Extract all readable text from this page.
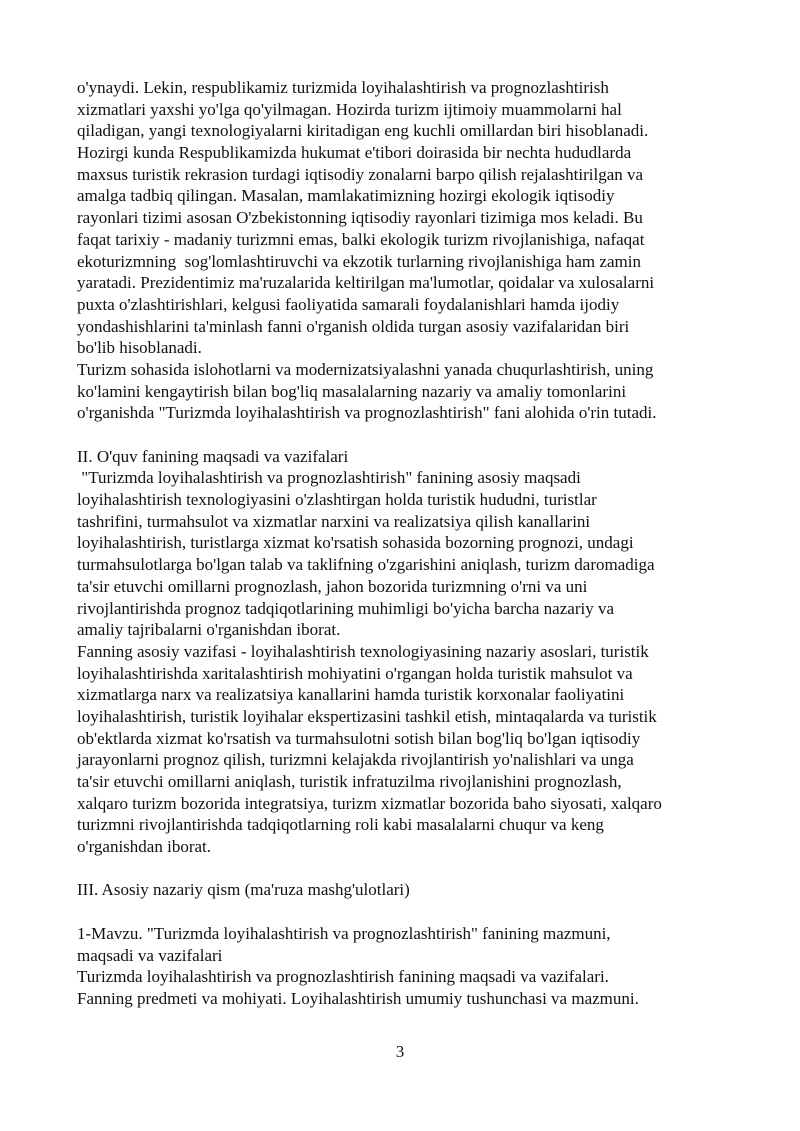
o'ynaydi. Lekin, respublikamiz turizmida loyihalashtirish va prognozlashtirish
xizmatlari yaxshi yo'lga qo'yilmagan. Hozirda turizm ijtimoiy muammolarni hal
qiladigan, yangi texnologiyalarni kiritadigan eng kuchli omillardan biri hisoblanadi.
Hozirgi kunda Respublikamizda hukumat e'tibori doirasida bir nechta hududlarda
maxsus turistik rekrasion turdagi iqtisodiy zonalarni barpo qilish rejalashtirilgan va
amalga tadbiq qilingan. Masalan, mamlakatimizning hozirgi ekologik iqtisodiy
rayonlari tizimi asosan O'zbekistonning iqtisodiy rayonlari tizimiga mos keladi. Bu
faqat tarixiy - madaniy turizmni emas, balki ekologik turizm rivojlanishiga, nafaqat
ekoturizmning  sog'lomlashtiruvchi va ekzotik turlarning rivojlanishiga ham zamin
yaratadi. Prezidentimiz ma'ruzalarida keltirilgan ma'lumotlar, qoidalar va xulosalarni
puxta o'zlashtirishlari, kelgusi faoliyatida samarali foydalanishlari hamda ijodiy
yondashishlarini ta'minlash fanni o'rganish oldida turgan asosiy vazifalaridan biri
bo'lib hisoblanadi.
Turizm sohasida islohotlarni va modernizatsiyalashni yanada chuqurlashtirish, uning
ko'lamini kengaytirish bilan bog'liq masalalarning nazariy va amaliy tomonlarini
o'rganishda "Turizmda loyihalashtirish va prognozlashtirish" fani alohida o'rin tutadi.
II. O'quv fanining maqsadi va vazifalari
"Turizmda loyihalashtirish va prognozlashtirish" fanining asosiy maqsadi
loyihalashtirish texnologiyasini o'zlashtirgan holda turistik hududni, turistlar
tashrifini, turmahsulot va xizmatlar narxini va realizatsiya qilish kanallarini
loyihalashtirish, turistlarga xizmat ko'rsatish sohasida bozorning prognozi, undagi
turmahsulotlarga bo'lgan talab va taklifning o'zgarishini aniqlash, turizm daromadiga
ta'sir etuvchi omillarni prognozlash, jahon bozorida turizmning o'rni va uni
rivojlantirishda prognoz tadqiqotlarining muhimligi bo'yicha barcha nazariy va
amaliy tajribalarni o'rganishdan iborat.
Fanning asosiy vazifasi - loyihalashtirish texnologiyasining nazariy asoslari, turistik
loyihalashtirishda xaritalashtirish mohiyatini o'rgangan holda turistik mahsulot va
xizmatlarga narx va realizatsiya kanallarini hamda turistik korxonalar faoliyatini
loyihalashtirish, turistik loyihalar ekspertizasini tashkil etish, mintaqalarda va turistik
ob'ektlarda xizmat ko'rsatish va turmahsulotni sotish bilan bog'liq bo'lgan iqtisodiy
jarayonlarni prognoz qilish, turizmni kelajakda rivojlantirish yo'nalishlari va unga
ta'sir etuvchi omillarni aniqlash, turistik infratuzilma rivojlanishini prognozlash,
xalqaro turizm bozorida integratsiya, turizm xizmatlar bozorida baho siyosati, xalqaro
turizmni rivojlantirishda tadqiqotlarning roli kabi masalalarni chuqur va keng
o'rganishdan iborat.
III. Asosiy nazariy qism (ma'ruza mashg'ulotlari)
1-Mavzu. "Turizmda loyihalashtirish va prognozlashtirish" fanining mazmuni,
maqsadi va vazifalari
Turizmda loyihalashtirish va prognozlashtirish fanining maqsadi va vazifalari.
Fanning predmeti va mohiyati. Loyihalashtirish umumiy tushunchasi va mazmuni.
3
